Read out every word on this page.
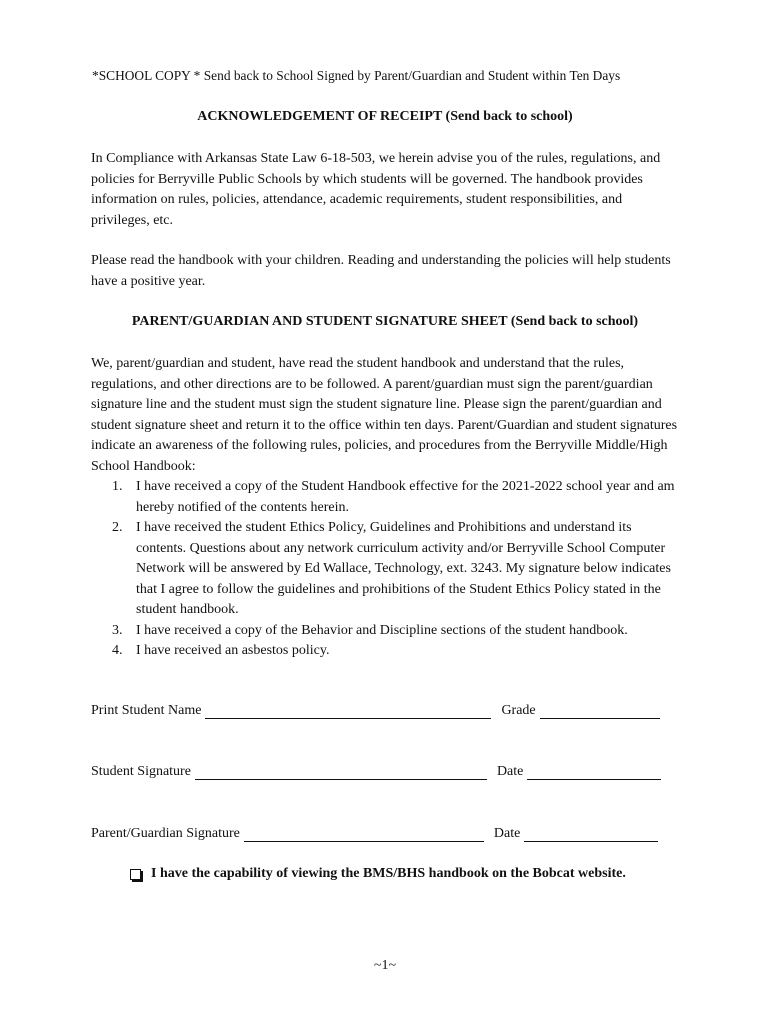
*SCHOOL COPY * Send back to School Signed by Parent/Guardian and Student within Ten Days
ACKNOWLEDGEMENT OF RECEIPT (Send back to school)
In Compliance with Arkansas State Law 6-18-503, we herein advise you of the rules, regulations, and policies for Berryville Public Schools by which students will be governed. The handbook provides information on rules, policies, attendance, academic requirements, student responsibilities, and privileges, etc.
Please read the handbook with your children. Reading and understanding the policies will help students have a positive year.
PARENT/GUARDIAN AND STUDENT SIGNATURE SHEET (Send back to school)
We, parent/guardian and student, have read the student handbook and understand that the rules, regulations, and other directions are to be followed. A parent/guardian must sign the parent/guardian signature line and the student must sign the student signature line. Please sign the parent/guardian and student signature sheet and return it to the office within ten days. Parent/Guardian and student signatures indicate an awareness of the following rules, policies, and procedures from the Berryville Middle/High School Handbook:
1. I have received a copy of the Student Handbook effective for the 2021-2022 school year and am hereby notified of the contents herein.
2. I have received the student Ethics Policy, Guidelines and Prohibitions and understand its contents. Questions about any network curriculum activity and/or Berryville School Computer Network will be answered by Ed Wallace, Technology, ext. 3243. My signature below indicates that I agree to follow the guidelines and prohibitions of the Student Ethics Policy stated in the student handbook.
3. I have received a copy of the Behavior and Discipline sections of the student handbook.
4. I have received an asbestos policy.
Print Student Name	Grade
Student Signature	Date
Parent/Guardian Signature	Date
I have the capability of viewing the BMS/BHS handbook on the Bobcat website.
~1~
